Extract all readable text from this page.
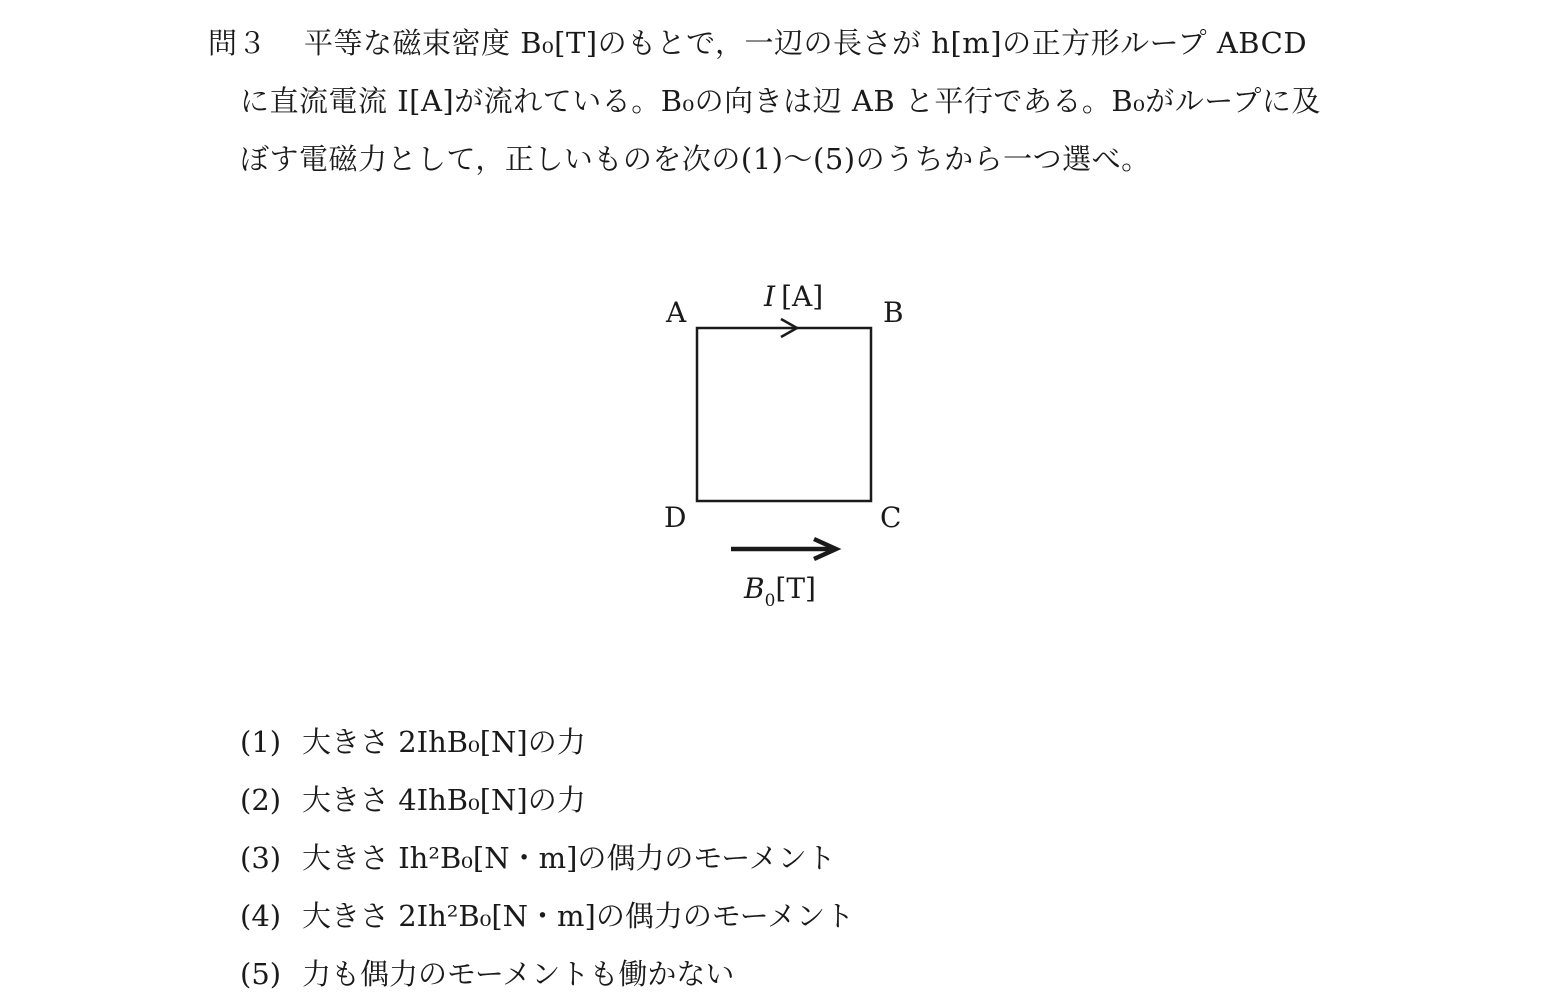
問３ 平等な磁束密度 B₀[T]のもとで，一辺の長さが h[m]の正方形ループ ABCD
に直流電流 I[A]が流れている。B₀の向きは辺 AB と平行である。B₀がループに及
ぼす電磁力として，正しいものを次の(1)〜(5)のうちから一つ選べ。
A	B
C
D
I [A]
$B_0[T]$
(1) 大きさ 2IhB₀[N]の力
(2) 大きさ 4IhB₀[N]の力
(3) 大きさ Ih²B₀[N・m]の偶力のモーメント
(4) 大きさ 2Ih²B₀[N・m]の偶力のモーメント
(5) 力も偶力のモーメントも働かない
